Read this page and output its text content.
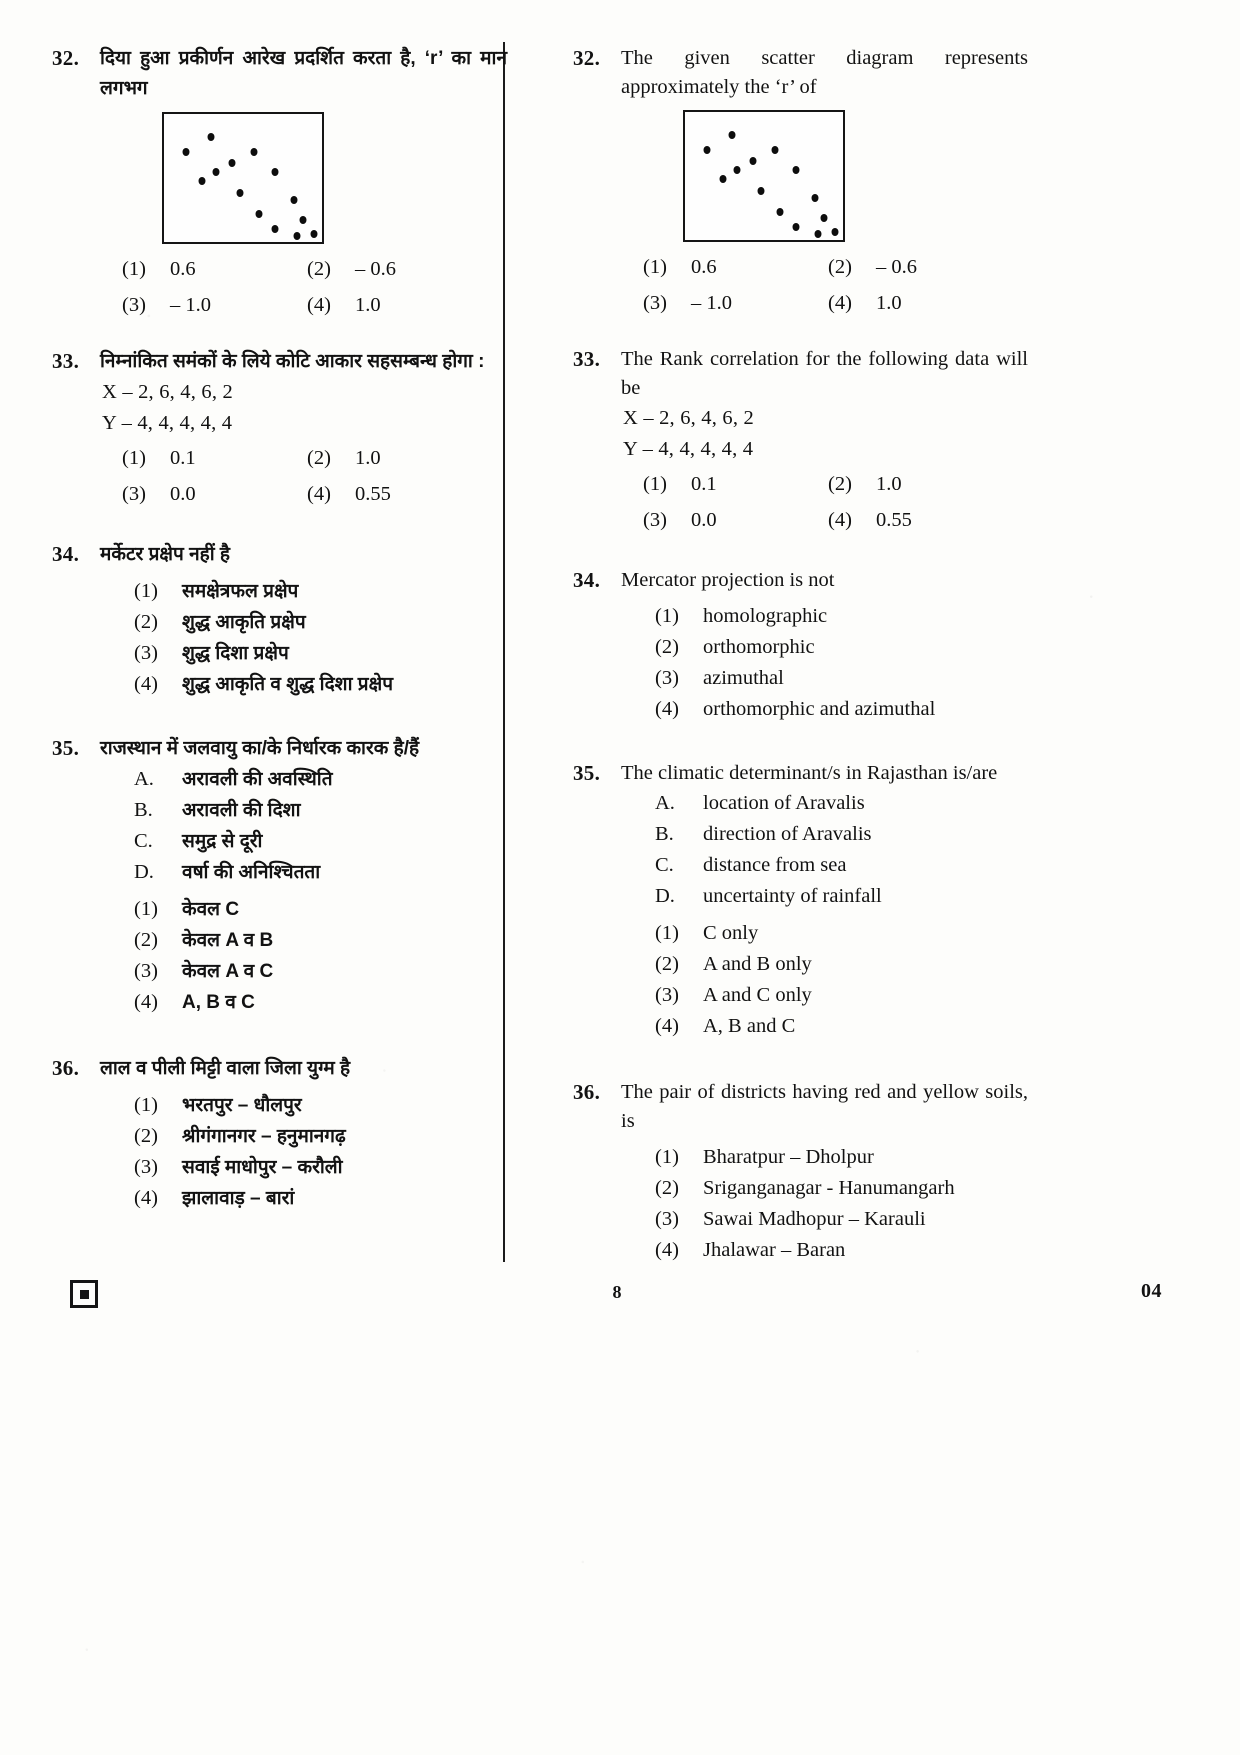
32.	दिया हुआ प्रकीर्णन आरेख प्रदर्शित करता है, ‘r’ का मान लगभग
(1)	0.6	(2)	– 0.6
(3)	– 1.0	(4)	1.0
33.	निम्नांकित समंकों के लिये कोटि आकार सहसम्बन्ध होगा :
X – 2, 6, 4, 6, 2
Y – 4, 4, 4, 4, 4
(1)	0.1	(2)	1.0
(3)	0.0	(4)	0.55
34.	मर्केटर प्रक्षेप नहीं है
(1)	समक्षेत्रफल प्रक्षेप
(2)	शुद्ध आकृति प्रक्षेप
(3)	शुद्ध दिशा प्रक्षेप
(4)	शुद्ध आकृति व शुद्ध दिशा प्रक्षेप
35.	राजस्थान में जलवायु का/के निर्धारक कारक है/हैं
A.	अरावली की अवस्थिति
B.	अरावली की दिशा
C.	समुद्र से दूरी
D.	वर्षा की अनिश्चितता
(1)	केवल C
(2)	केवल A व B
(3)	केवल A व C
(4)	A, B व C
36.	लाल व पीली मिट्टी वाला जिला युग्म है
(1)	भरतपुर – धौलपुर
(2)	श्रीगंगानगर – हनुमानगढ़
(3)	सवाई माधोपुर – करौली
(4)	झालावाड़ – बारां
32.	The given scatter diagram represents approximately the ‘r’ of
(1)	0.6	(2)	– 0.6
(3)	– 1.0	(4)	1.0
33.	The Rank correlation for the following data will be
X – 2, 6, 4, 6, 2
Y – 4, 4, 4, 4, 4
(1)	0.1	(2)	1.0
(3)	0.0	(4)	0.55
34.	Mercator projection is not
(1)	homolographic
(2)	orthomorphic
(3)	azimuthal
(4)	orthomorphic and azimuthal
35.	The climatic determinant/s in Rajasthan is/are
A.	location of Aravalis
B.	direction of Aravalis
C.	distance from sea
D.	uncertainty of rainfall
(1)	C only
(2)	A and B only
(3)	A and C only
(4)	A, B and C
36.	The pair of districts having red and yellow soils, is
(1)	Bharatpur – Dholpur
(2)	Sriganganagar - Hanumangarh
(3)	Sawai Madhopur – Karauli
(4)	Jhalawar – Baran
8	04
